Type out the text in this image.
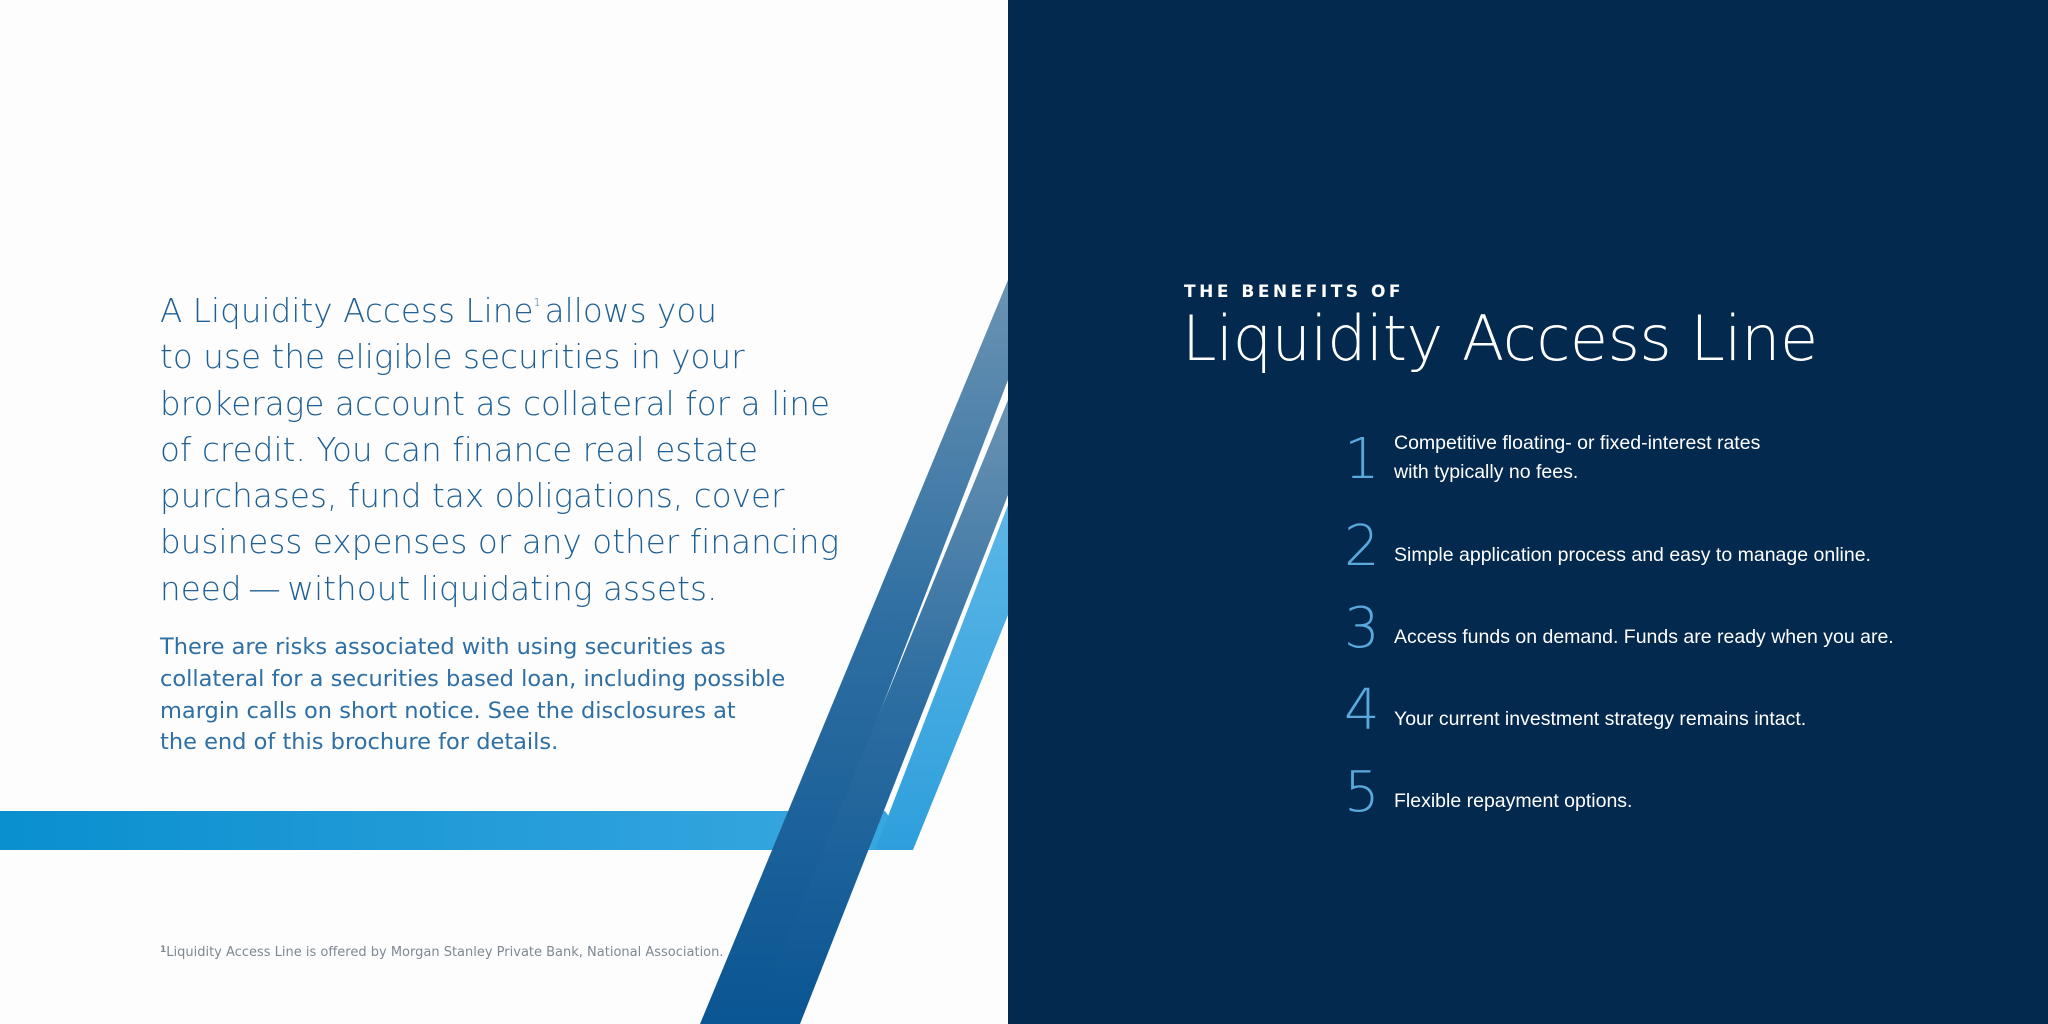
A Liquidity Access Line$^1$ allows you
to use the eligible securities in your
brokerage account as collateral for a line
of credit. You can finance real estate
purchases, fund tax obligations, cover
business expenses or any other financing
need — without liquidating assets.
There are risks associated with using securities as
collateral for a securities based loan, including possible
margin calls on short notice. See the disclosures at
the end of this brochure for details.
$^1$Liquidity Access Line is offered by Morgan Stanley Private Bank, National Association.
THE BENEFITS OF
Liquidity Access Line
1 Competitive floating- or fixed-interest rates
with typically no fees.
2 Simple application process and easy to manage online.
3 Access funds on demand. Funds are ready when you are.
4 Your current investment strategy remains intact.
5 Flexible repayment options.
